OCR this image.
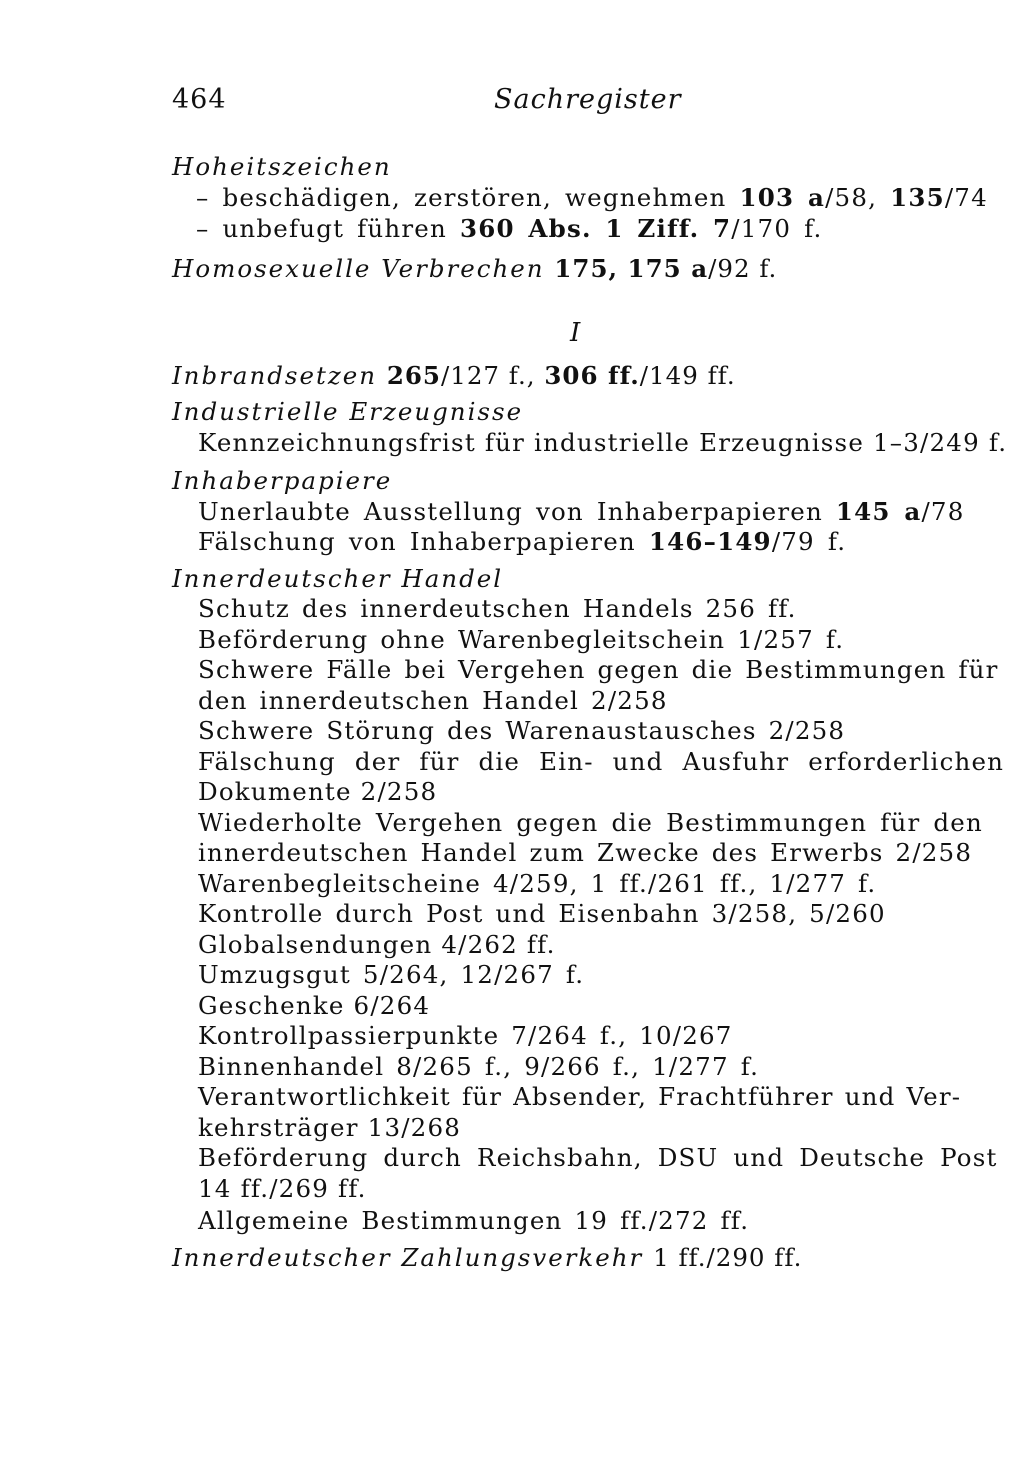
464	Sachregister
Hoheitszeichen
– beschädigen, zerstören, wegnehmen 103 a/58, 135/74
– unbefugt führen 360 Abs. 1 Ziff. 7/170 f.
Homosexuelle Verbrechen 175, 175 a/92 f.
I
Inbrandsetzen 265/127 f., 306 ff./149 ff.
Industrielle Erzeugnisse
Kennzeichnungsfrist für industrielle Erzeugnisse 1–3/249 f.
Inhaberpapiere
Unerlaubte Ausstellung von Inhaberpapieren 145 a/78
Fälschung von Inhaberpapieren 146–149/79 f.
Innerdeutscher Handel
Schutz des innerdeutschen Handels 256 ff.
Beförderung ohne Warenbegleitschein 1/257 f.
Schwere Fälle bei Vergehen gegen die Bestimmungen für
den innerdeutschen Handel 2/258
Schwere Störung des Warenaustausches 2/258
Fälschung der für die Ein- und Ausfuhr erforderlichen
Dokumente 2/258
Wiederholte Vergehen gegen die Bestimmungen für den
innerdeutschen Handel zum Zwecke des Erwerbs 2/258
Warenbegleitscheine 4/259, 1 ff./261 ff., 1/277 f.
Kontrolle durch Post und Eisenbahn 3/258, 5/260
Globalsendungen 4/262 ff.
Umzugsgut 5/264, 12/267 f.
Geschenke 6/264
Kontrollpassierpunkte 7/264 f., 10/267
Binnenhandel 8/265 f., 9/266 f., 1/277 f.
Verantwortlichkeit für Absender, Frachtführer und Ver-
kehrsträger 13/268
Beförderung durch Reichsbahn, DSU und Deutsche Post
14 ff./269 ff.
Allgemeine Bestimmungen 19 ff./272 ff.
Innerdeutscher Zahlungsverkehr 1 ff./290 ff.
